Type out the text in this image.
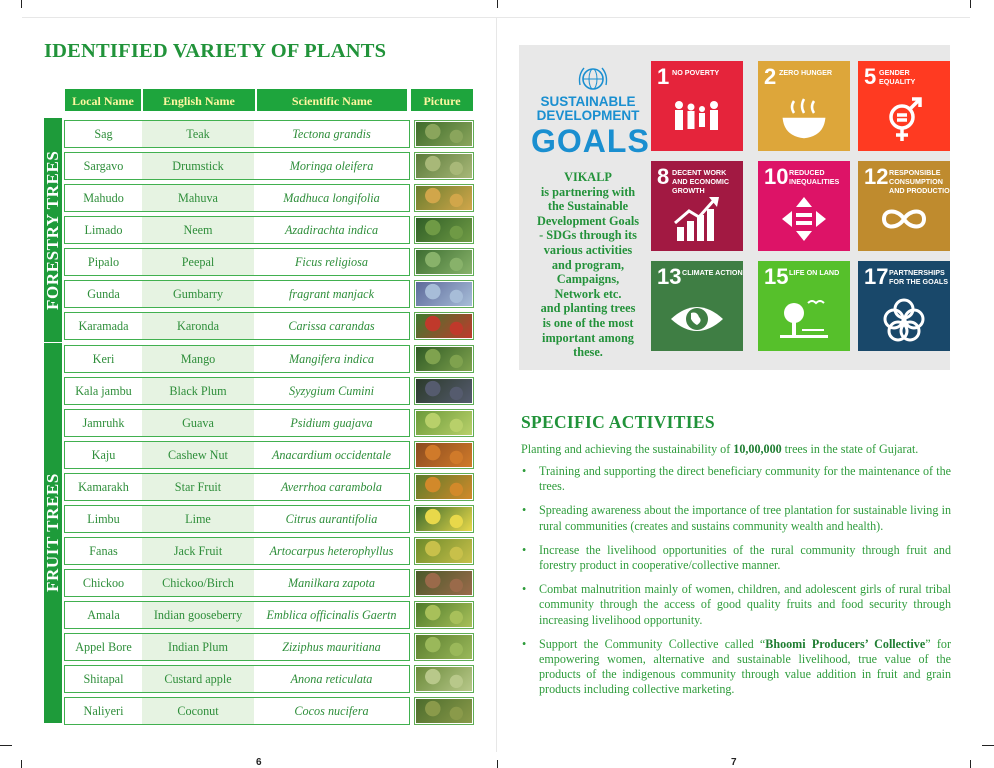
IDENTIFIED VARIETY OF PLANTS
Local Name	English Name	Scientific Name	Picture
FORESTRY TREES
FRUIT TREES
Sag	Teak	Tectona grandis
Sargavo	Drumstick	Moringa oleifera
Mahudo	Mahuva	Madhuca longifolia
Limado	Neem	Azadirachta indica
Pipalo	Peepal	Ficus religiosa
Gunda	Gumbarry	fragrant manjack
Karamada	Karonda	Carissa carandas
Keri	Mango	Mangifera indica
Kala jambu	Black Plum	Syzygium Cumini
Jamruhk	Guava	Psidium guajava
Kaju	Cashew Nut	Anacardium occidentale
Kamarakh	Star Fruit	Averrhoa carambola
Limbu	Lime	Citrus aurantifolia
Fanas	Jack Fruit	Artocarpus heterophyllus
Chickoo	Chickoo/Birch	Manilkara zapota
Amala	Indian gooseberry	Emblica officinalis Gaertn
Appel Bore	Indian Plum	Ziziphus mauritiana
Shitapal	Custard apple	Anona reticulata
Naliyeri	Coconut	Cocos nucifera
6
SUSTAINABLE
DEVELOPMENT
GOALS
VIKALP
is partnering with
the Sustainable
Development Goals
- SDGs through its
various activities
and program,
Campaigns,
Network etc.
and planting trees
is one of the most
important among
these.
1 NO POVERTY	2 ZERO HUNGER	5 GENDER EQUALITY
8 DECENT WORK AND ECONOMIC GROWTH
10 REDUCED INEQUALITIES	12 RESPONSIBLE CONSUMPTION AND PRODUCTION
13 CLIMATE ACTION 15 LIFE ON LAND	17 PARTNERSHIPS FOR THE GOALS
SPECIFIC ACTIVITIES
Planting and achieving the sustainability of 10,00,000 trees in the state of Gujarat.
• Training and supporting the direct beneficiary community for the maintenance of the trees.
• Spreading awareness about the importance of tree plantation for sustainable living in rural communities (creates and sustains community wealth and health).
• Increase the livelihood opportunities of the rural community through fruit and forestry product in cooperative/collective manner.
• Combat malnutrition mainly of women, children, and adolescent girls of rural tribal community through the access of good quality fruits and food security through increasing livelihood opportunity.
• Support the Community Collective called “Bhoomi Producers’ Collective” for empowering women, alternative and sustainable livelihood, true value of the products of the indigenous community through value addition in fruit and grain products including collective marketing.
7
